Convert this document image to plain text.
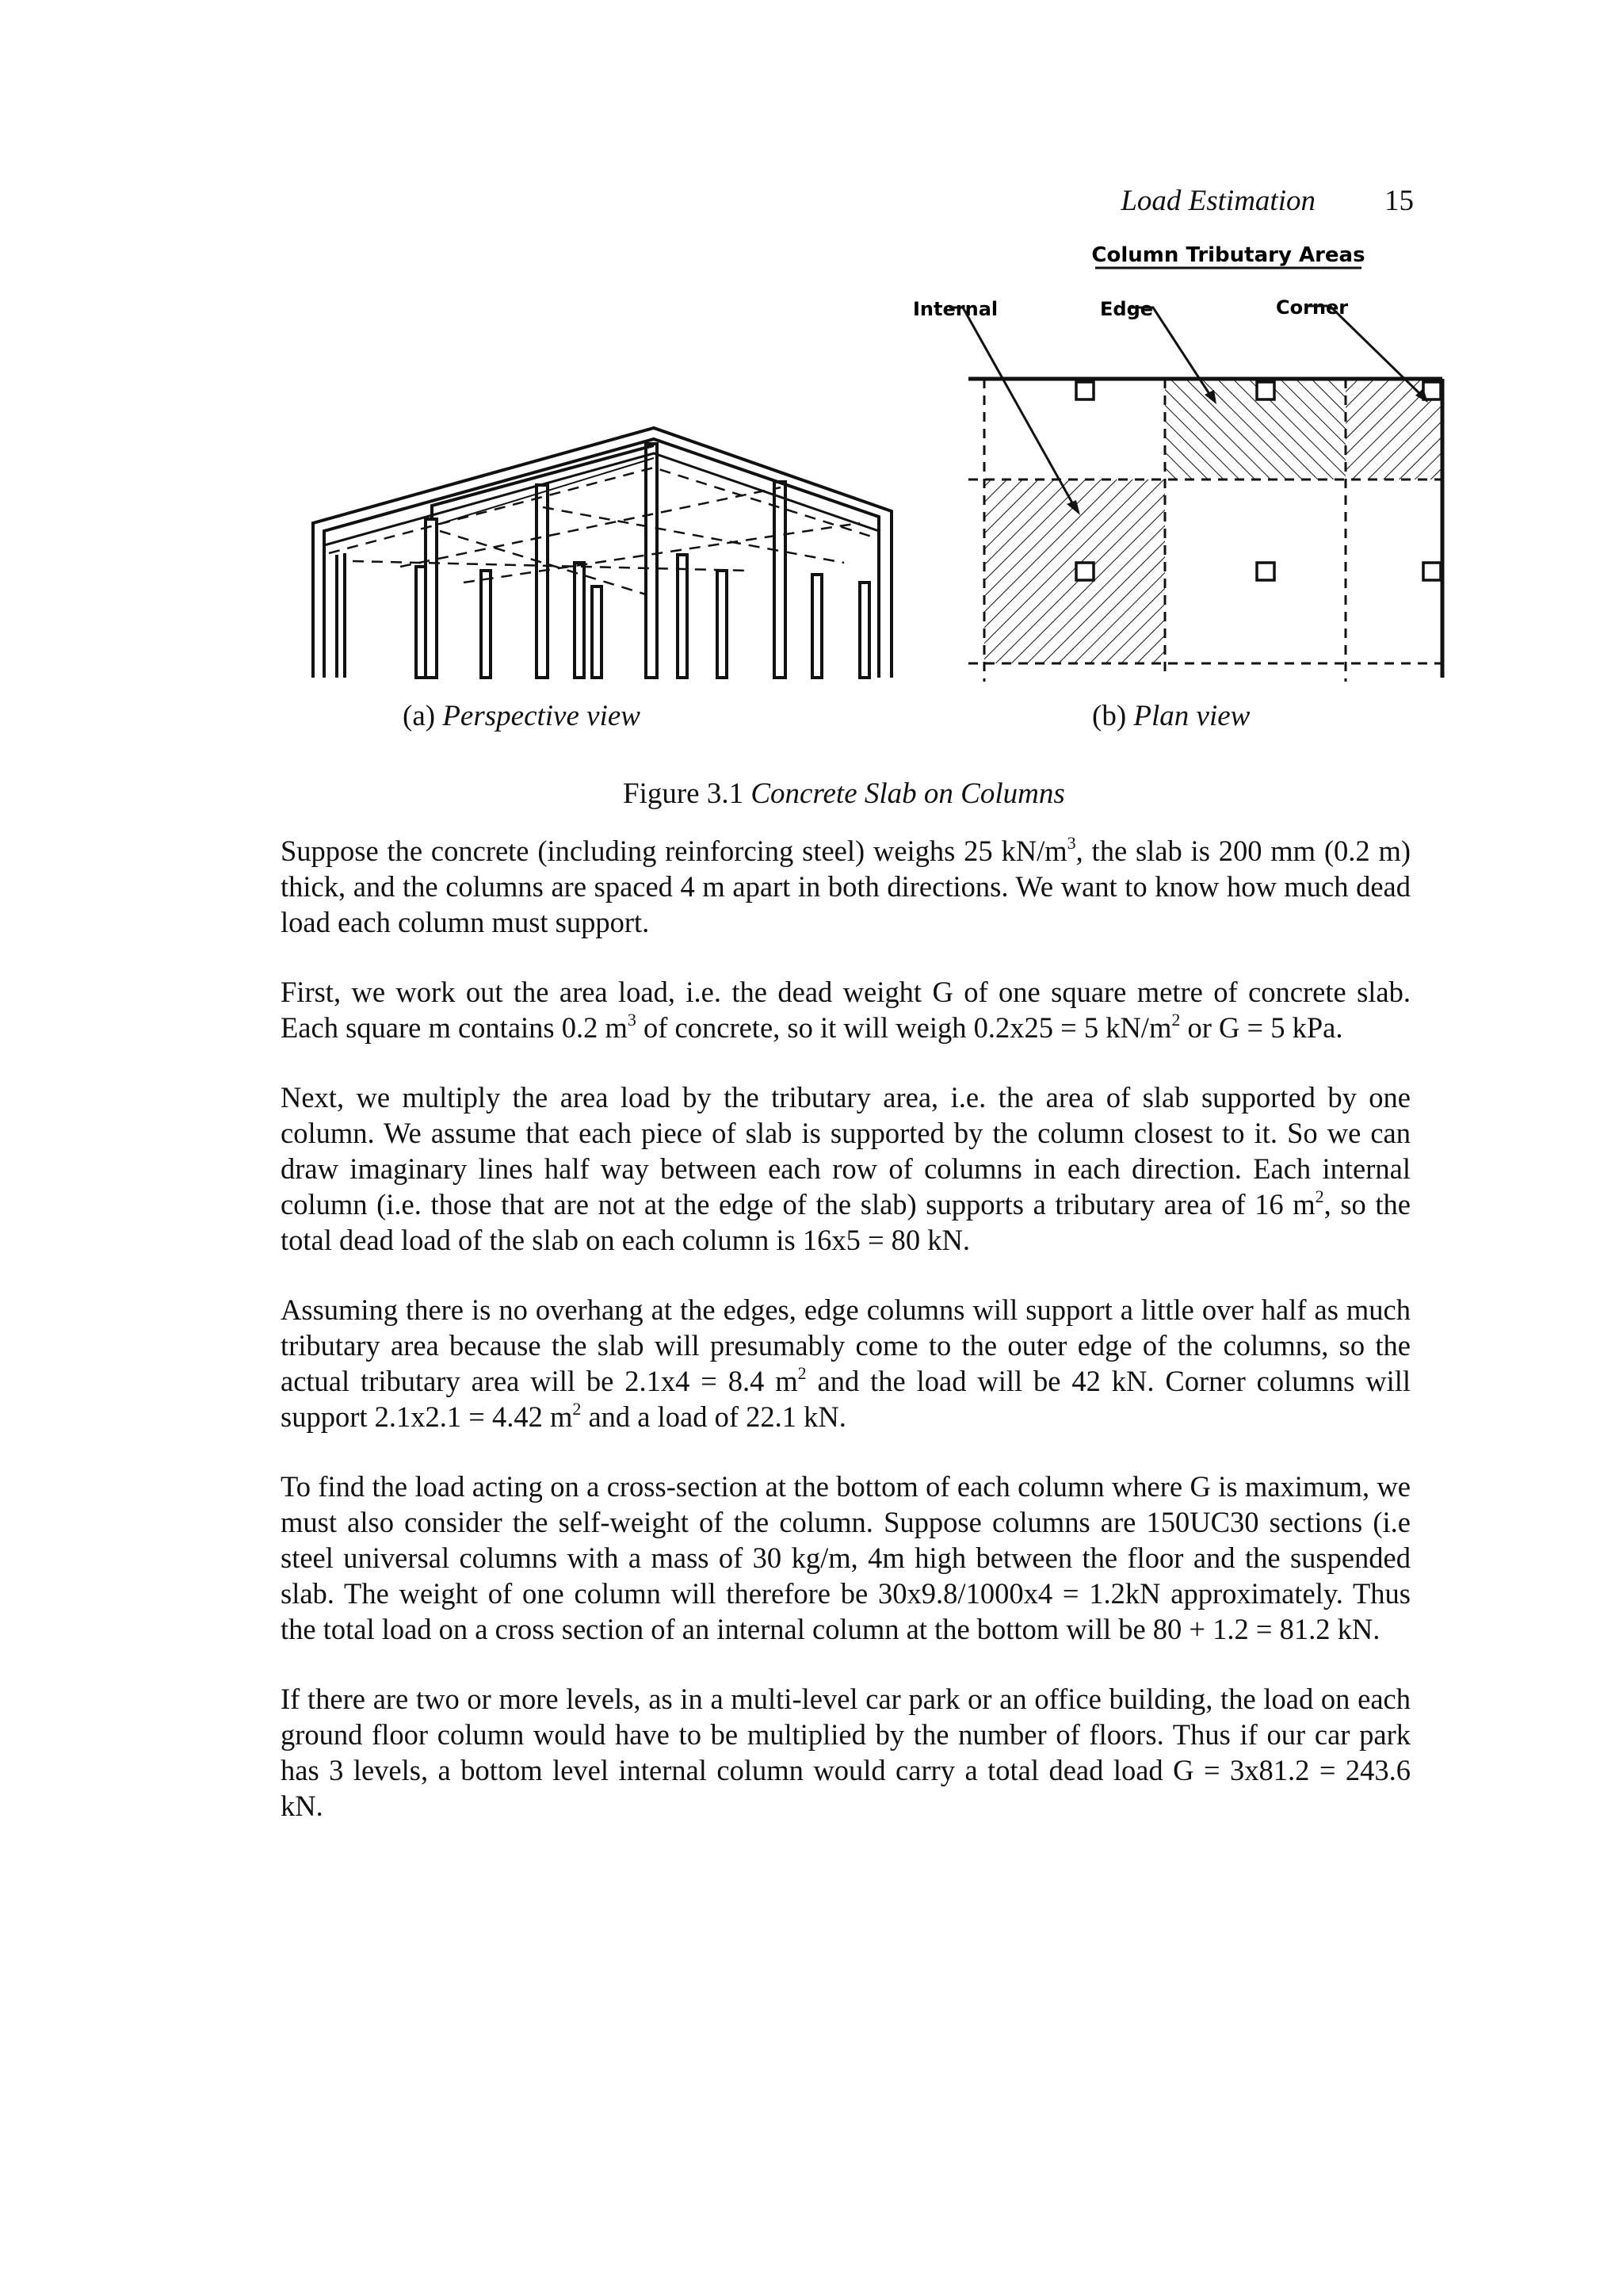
Load Estimation 15
Column Tributary Areas
Internal	Edge	Corner
(a) Perspective view	(b) Plan view
Figure 3.1 Concrete Slab on Columns

Suppose the concrete (including reinforcing steel) weighs 25 $kN/m^3$, the slab is 200 mm (0.2 m) thick, and the columns are spaced 4 m apart in both directions. We want to know how much dead load each column must support.

First, we work out the area load, i.e. the dead weight G of one square metre of concrete slab. Each square m contains 0.2 $m^3$ of concrete, so it will weigh 0.2x25 = 5 $kN/m^2$ or G = 5 kPa.

Next, we multiply the area load by the tributary area, i.e. the area of slab supported by one column. We assume that each piece of slab is supported by the column closest to it. So we can draw imaginary lines half way between each row of columns in each direction. Each internal column (i.e. those that are not at the edge of the slab) supports a tributary area of 16 $m^2$, so the total dead load of the slab on each column is 16x5 = 80 kN.

Assuming there is no overhang at the edges, edge columns will support a little over half as much tributary area because the slab will presumably come to the outer edge of the columns, so the actual tributary area will be 2.1x4 = 8.4 $m^2$ and the load will be 42 kN. Corner columns will support 2.1x2.1 = 4.42 $m^2$ and a load of 22.1 kN.

To find the load acting on a cross-section at the bottom of each column where G is maximum, we must also consider the self-weight of the column. Suppose columns are 150UC30 sections (i.e steel universal columns with a mass of 30 kg/m, 4m high between the floor and the suspended slab. The weight of one column will therefore be 30x9.8/1000x4 = 1.2kN approximately. Thus the total load on a cross section of an internal column at the bottom will be 80 + 1.2 = 81.2 kN.

If there are two or more levels, as in a multi-level car park or an office building, the load on each ground floor column would have to be multiplied by the number of floors. Thus if our car park has 3 levels, a bottom level internal column would carry a total dead load G = 3x81.2 = 243.6 kN.
